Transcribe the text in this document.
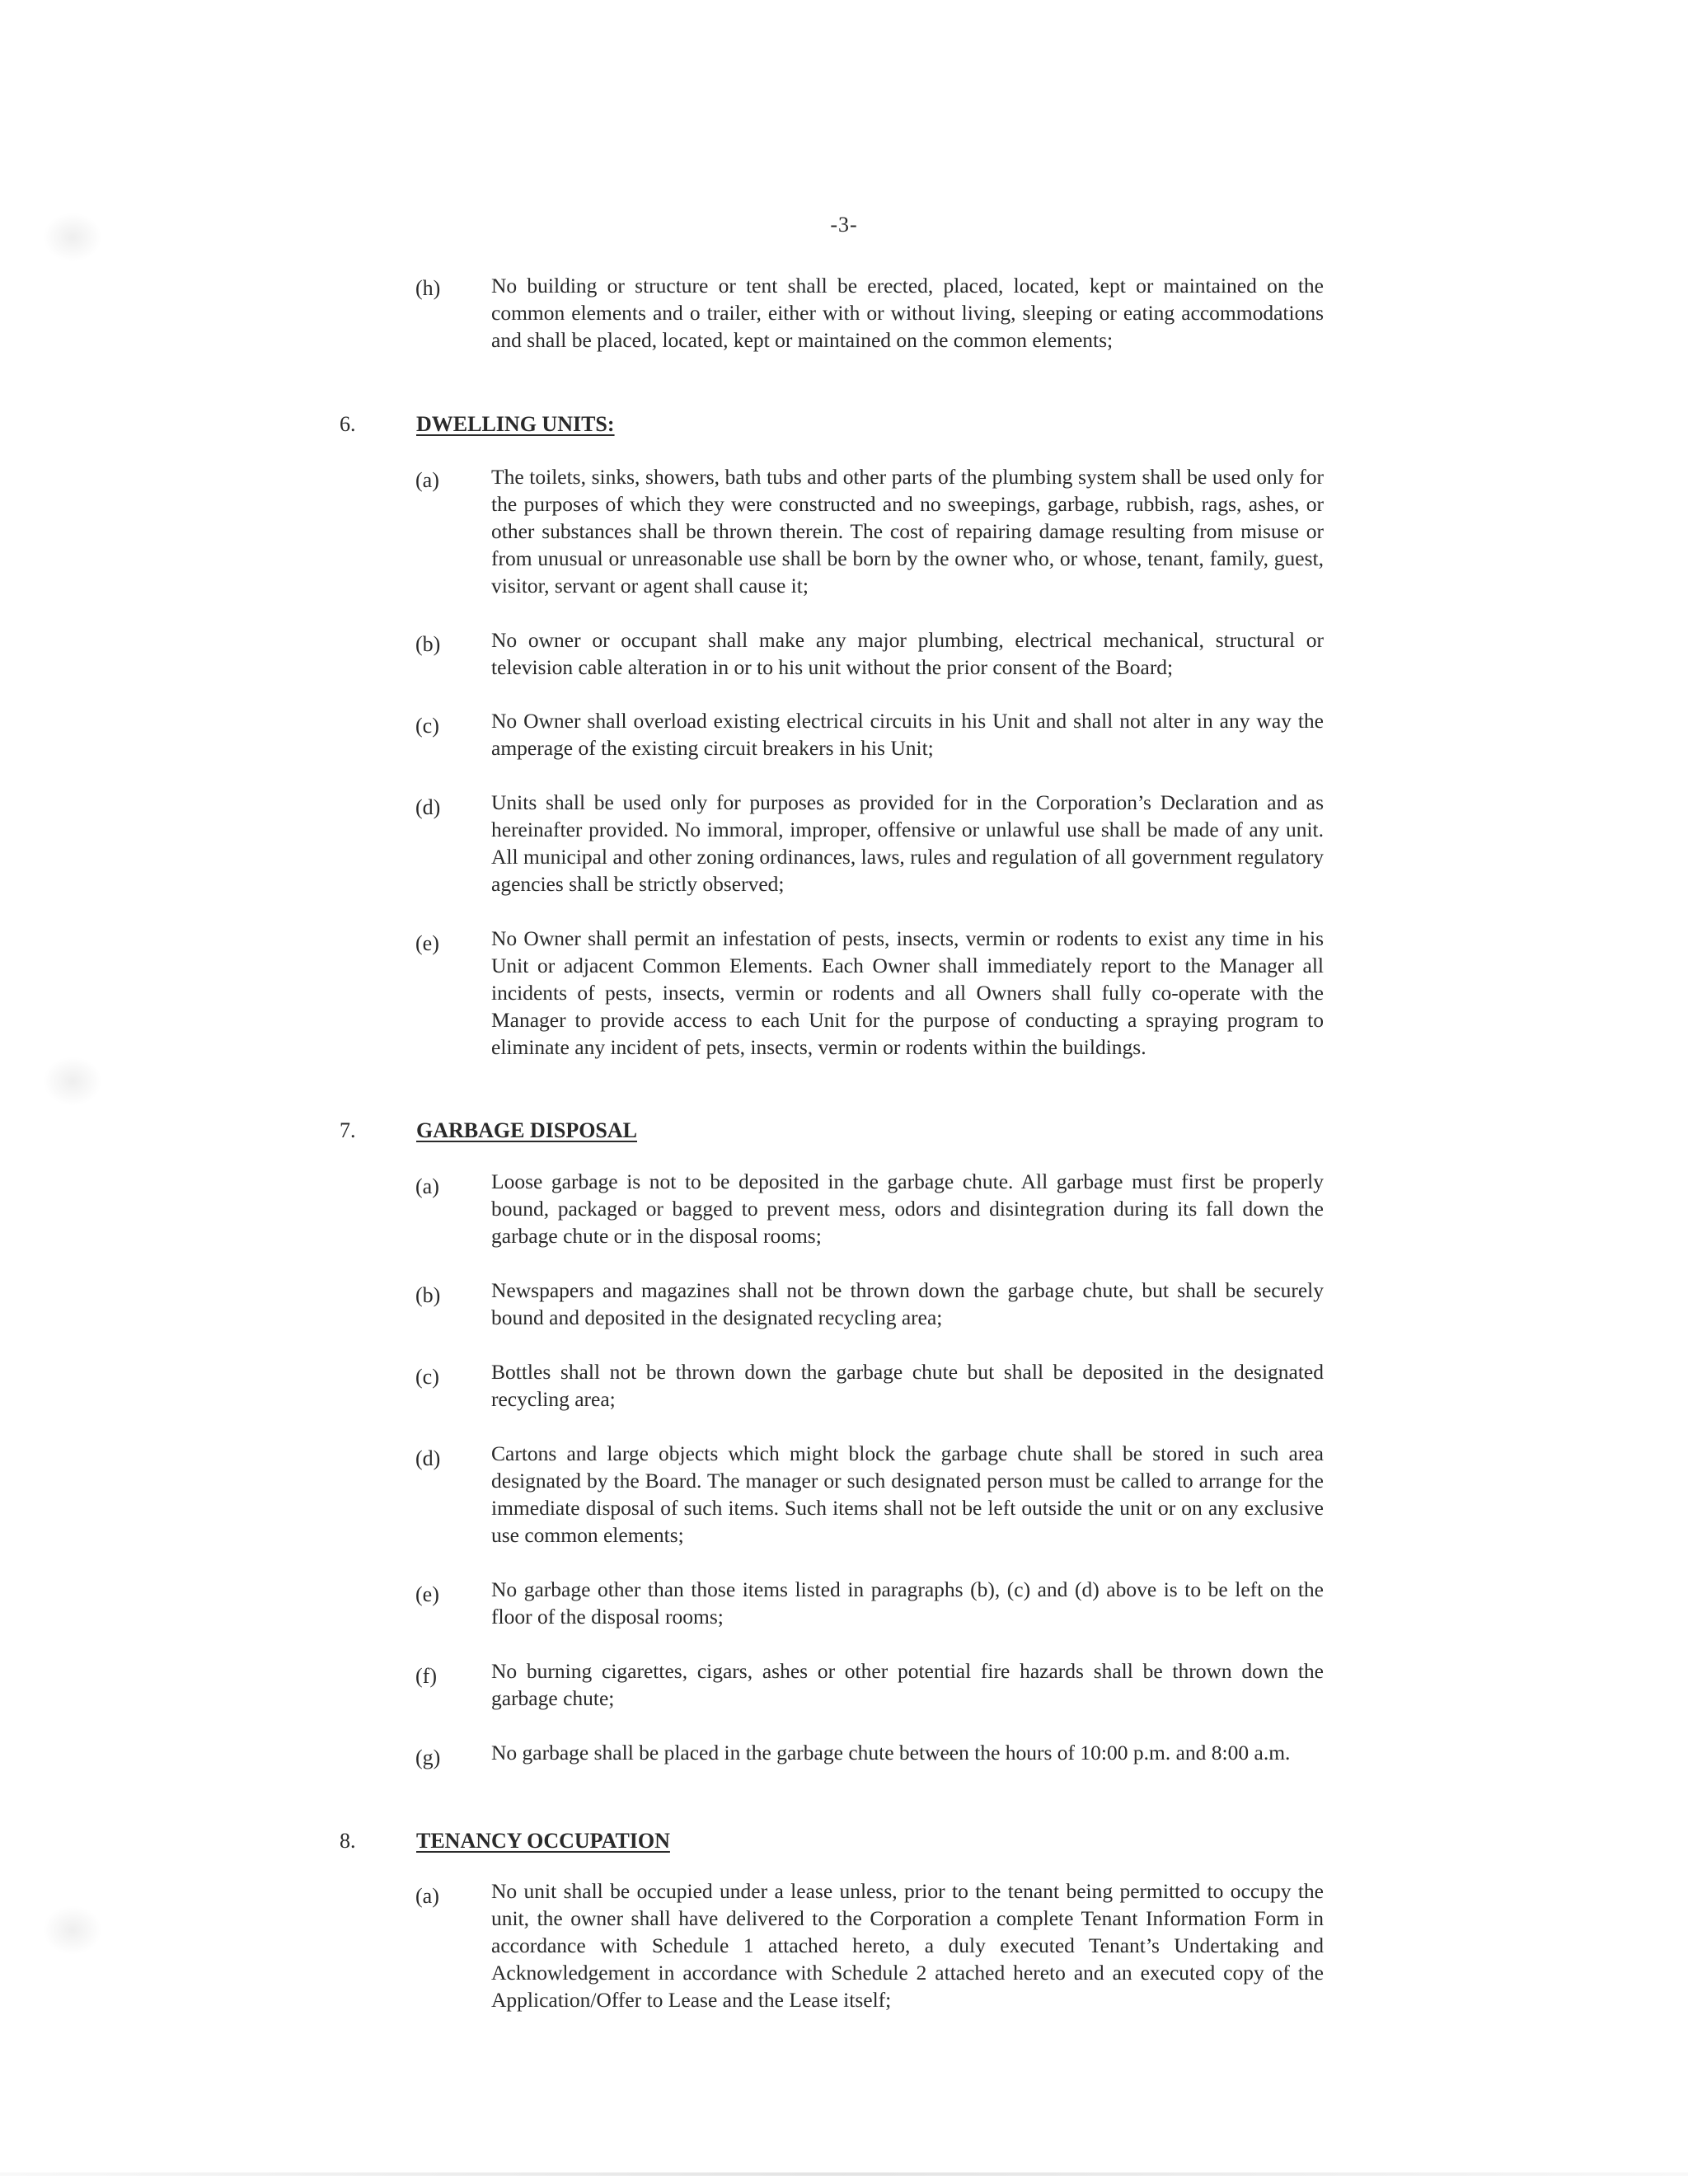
-3-
(h) No building or structure or tent shall be erected, placed, located, kept or maintained on the common elements and o trailer, either with or without living, sleeping or eating accommodations and shall be placed, located, kept or maintained on the common elements;
6.	DWELLING UNITS:
(a) The toilets, sinks, showers, bath tubs and other parts of the plumbing system shall be used only for the purposes of which they were constructed and no sweepings, garbage, rubbish, rags, ashes, or other substances shall be thrown therein. The cost of repairing damage resulting from misuse or from unusual or unreasonable use shall be born by the owner who, or whose, tenant, family, guest, visitor, servant or agent shall cause it;
(b) No owner or occupant shall make any major plumbing, electrical mechanical, structural or television cable alteration in or to his unit without the prior consent of the Board;
(c) No Owner shall overload existing electrical circuits in his Unit and shall not alter in any way the amperage of the existing circuit breakers in his Unit;
(d) Units shall be used only for purposes as provided for in the Corporation’s Declaration and as hereinafter provided. No immoral, improper, offensive or unlawful use shall be made of any unit. All municipal and other zoning ordinances, laws, rules and regulation of all government regulatory agencies shall be strictly observed;
(e) No Owner shall permit an infestation of pests, insects, vermin or rodents to exist any time in his Unit or adjacent Common Elements. Each Owner shall immediately report to the Manager all incidents of pests, insects, vermin or rodents and all Owners shall fully co-operate with the Manager to provide access to each Unit for the purpose of conducting a spraying program to eliminate any incident of pets, insects, vermin or rodents within the buildings.
7.	GARBAGE DISPOSAL
(a) Loose garbage is not to be deposited in the garbage chute. All garbage must first be properly bound, packaged or bagged to prevent mess, odors and disintegration during its fall down the garbage chute or in the disposal rooms;
(b) Newspapers and magazines shall not be thrown down the garbage chute, but shall be securely bound and deposited in the designated recycling area;
(c) Bottles shall not be thrown down the garbage chute but shall be deposited in the designated recycling area;
(d) Cartons and large objects which might block the garbage chute shall be stored in such area designated by the Board. The manager or such designated person must be called to arrange for the immediate disposal of such items. Such items shall not be left outside the unit or on any exclusive use common elements;
(e) No garbage other than those items listed in paragraphs (b), (c) and (d) above is to be left on the floor of the disposal rooms;
(f)	No burning cigarettes, cigars, ashes or other potential fire hazards shall be thrown down the garbage chute;
(g) No garbage shall be placed in the garbage chute between the hours of 10:00 p.m. and 8:00 a.m.
8.	TENANCY OCCUPATION
(a) No unit shall be occupied under a lease unless, prior to the tenant being permitted to occupy the unit, the owner shall have delivered to the Corporation a complete Tenant Information Form in accordance with Schedule 1 attached hereto, a duly executed Tenant’s Undertaking and Acknowledgement in accordance with Schedule 2 attached hereto and an executed copy of the Application/Offer to Lease and the Lease itself;
